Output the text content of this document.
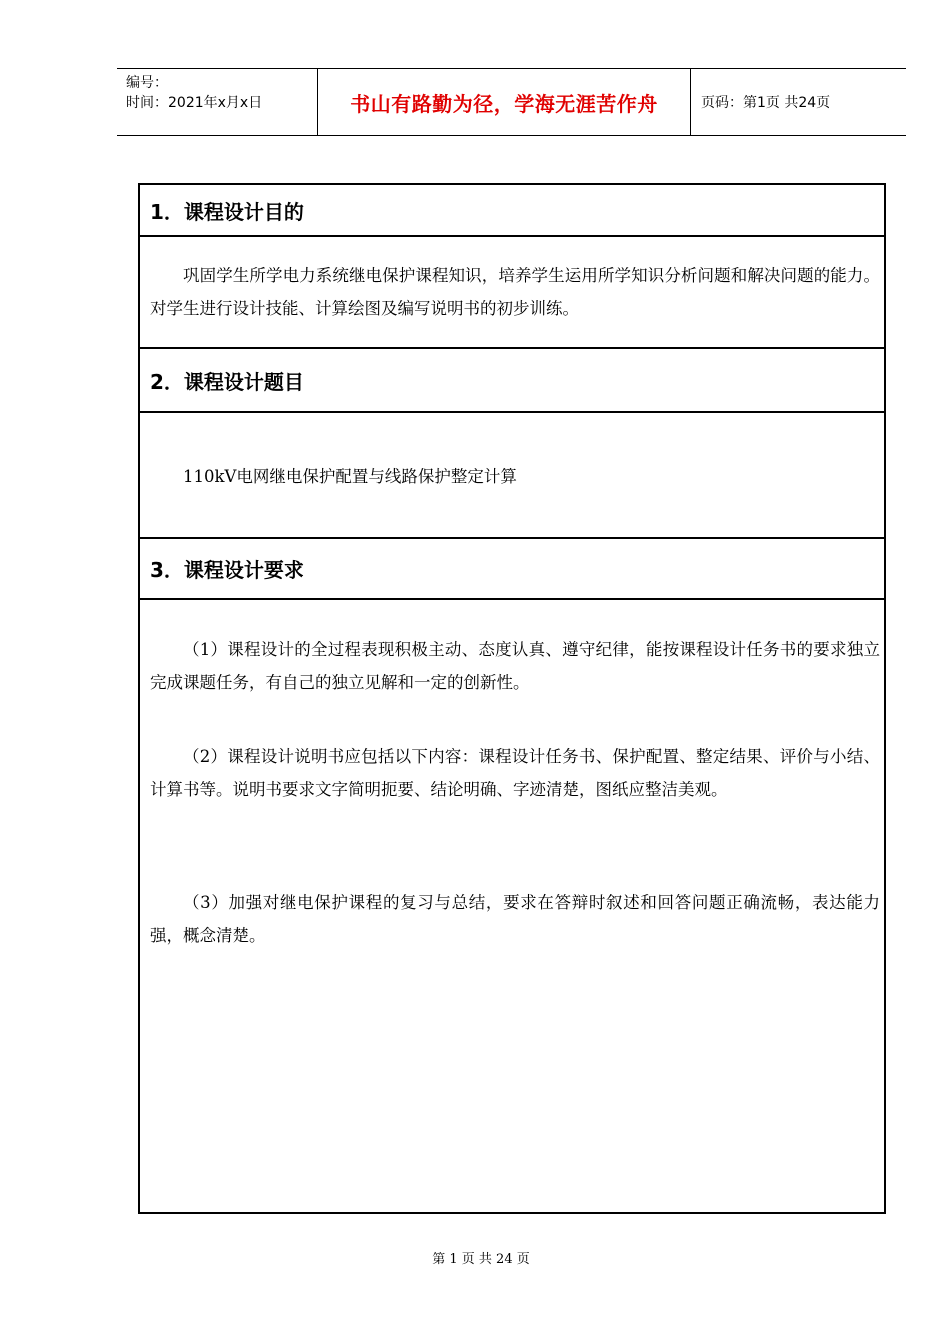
编号：
时间：2021年x月x日	书山有路勤为径，学海无涯苦作舟	页码：第1页 共24页
1．课程设计目的

巩固学生所学电力系统继电保护课程知识，培养学生运用所学知识分析问题和解决问题的能力。对学生进行设计技能、计算绘图及编写说明书的初步训练。

2．课程设计题目

110kV电网继电保护配置与线路保护整定计算

3．课程设计要求

（1）课程设计的全过程表现积极主动、态度认真、遵守纪律，能按课程设计任务书的要求独立完成课题任务，有自己的独立见解和一定的创新性。

（2）课程设计说明书应包括以下内容：课程设计任务书、保护配置、整定结果、评价与小结、计算书等。说明书要求文字简明扼要、结论明确、字迹清楚，图纸应整洁美观。

（3）加强对继电保护课程的复习与总结，要求在答辩时叙述和回答问题正确流畅，表达能力强，概念清楚。

第 1 页 共 24 页
